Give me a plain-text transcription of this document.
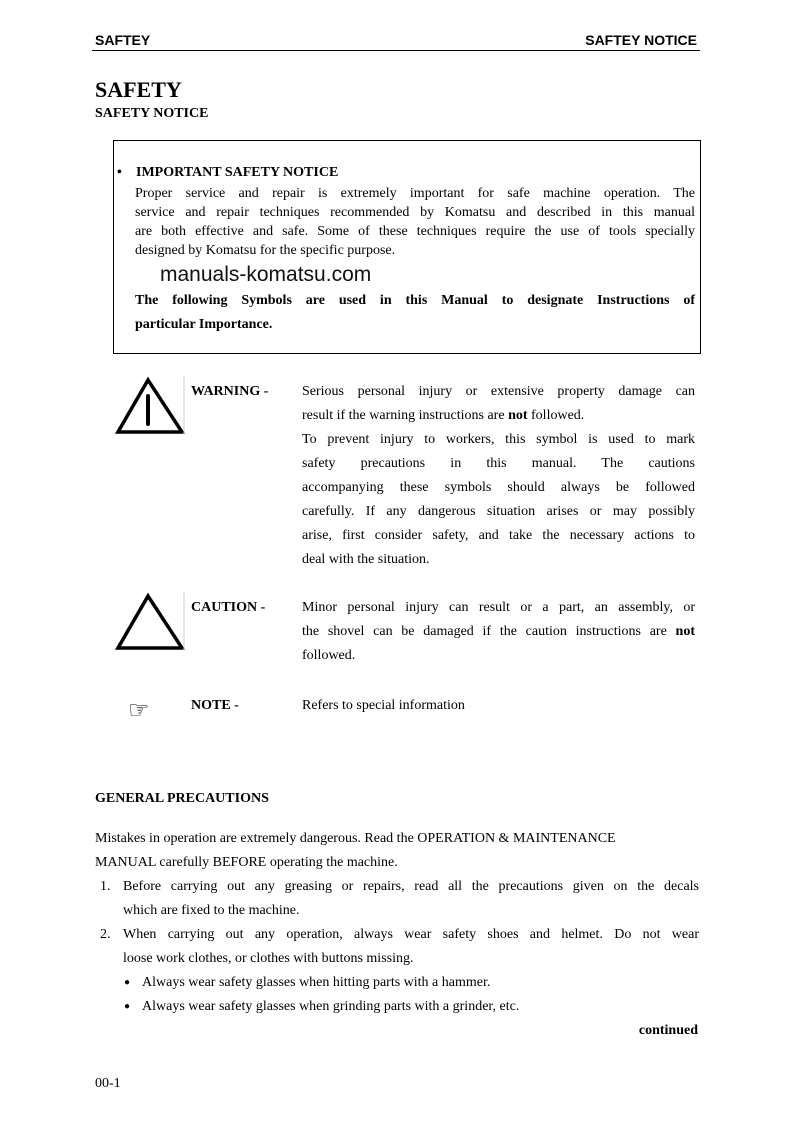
SAFTEY	SAFTEY NOTICE
SAFETY
SAFETY NOTICE
• IMPORTANT SAFETY NOTICE
Proper service and repair is extremely important for safe machine operation. The
service and repair techniques recommended by Komatsu and described in this manual
are both effective and safe. Some of these techniques require the use of tools specially
designed by Komatsu for the specific purpose.
The following Symbols are used in this Manual to designate Instructions of
particular Importance.
manuals-komatsu.com
WARNING - Serious personal injury or extensive property damage can
result if the warning instructions are not followed.
To prevent injury to workers, this symbol is used to mark
safety precautions in this manual. The cautions
accompanying these symbols should always be followed
carefully. If any dangerous situation arises or may possibly
arise, first consider safety, and take the necessary actions to
deal with the situation.
CAUTION -	Minor personal injury can result or a part, an assembly, or
the shovel can be damaged if the caution instructions are not
followed.
☞	NOTE -	Refers to special information
GENERAL PRECAUTIONS
Mistakes in operation are extremely dangerous. Read the OPERATION & MAINTENANCE
MANUAL carefully BEFORE operating the machine.
1. Before carrying out any greasing or repairs, read all the precautions given on the decals
which are fixed to the machine.
2. When carrying out any operation, always wear safety shoes and helmet. Do not wear
loose work clothes, or clothes with buttons missing.
● Always wear safety glasses when hitting parts with a hammer.
● Always wear safety glasses when grinding parts with a grinder, etc.
continued
00-1
